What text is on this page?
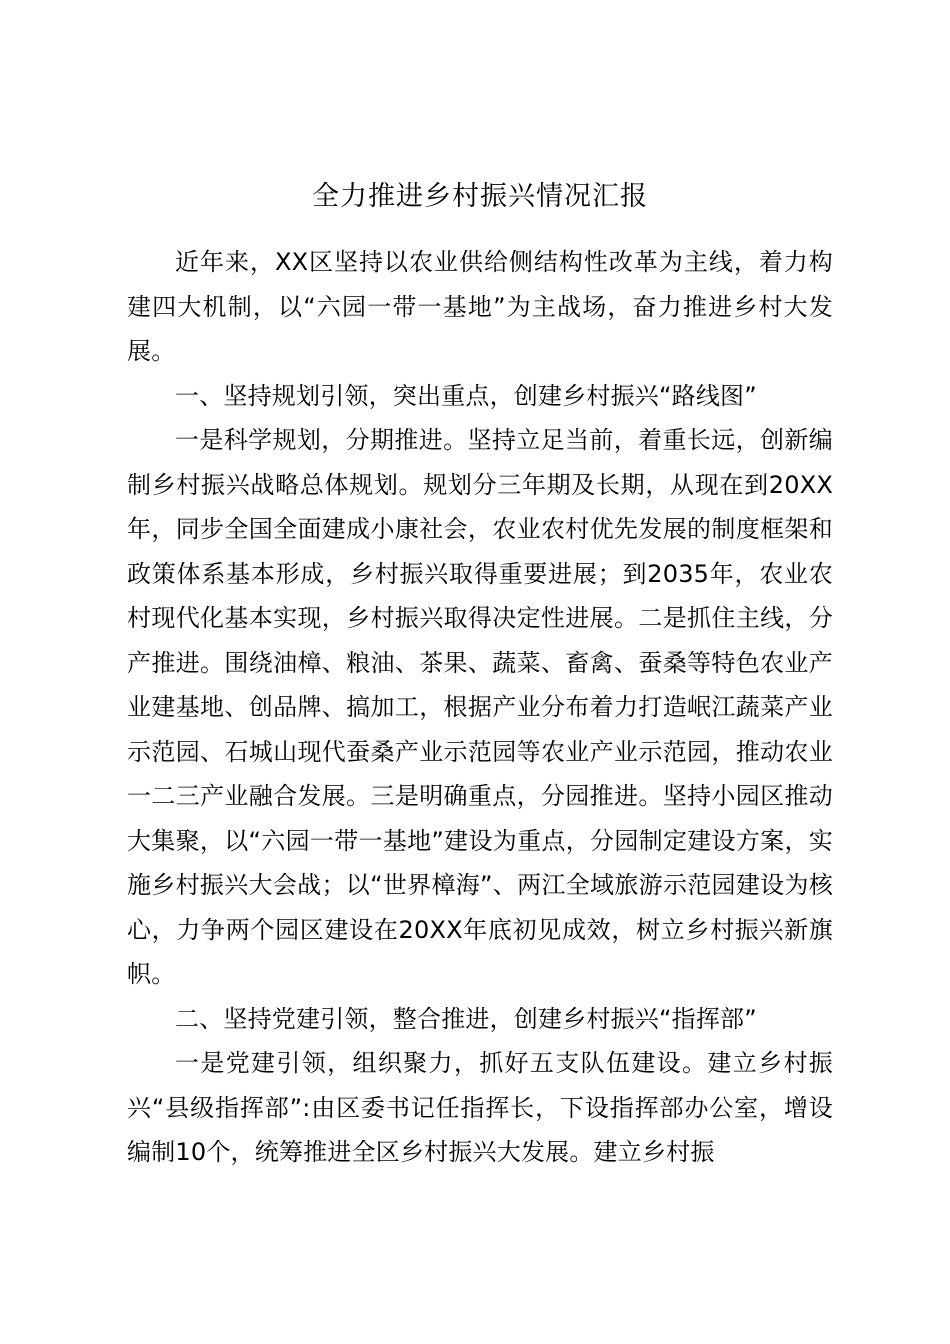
全力推进乡村振兴情况汇报

近年来，XX区坚持以农业供给侧结构性改革为主线，着力构建四大机制，以“六园一带一基地”为主战场，奋力推进乡村大发展。

一、坚持规划引领，突出重点，创建乡村振兴“路线图”

一是科学规划，分期推进。坚持立足当前，着重长远，创新编制乡村振兴战略总体规划。规划分三年期及长期，从现在到20XX年，同步全国全面建成小康社会，农业农村优先发展的制度框架和政策体系基本形成，乡村振兴取得重要进展；到2035年，农业农村现代化基本实现，乡村振兴取得决定性进展。二是抓住主线，分产推进。围绕油樟、粮油、茶果、蔬菜、畜禽、蚕桑等特色农业产业建基地、创品牌、搞加工，根据产业分布着力打造岷江蔬菜产业示范园、石城山现代蚕桑产业示范园等农业产业示范园，推动农业一二三产业融合发展。三是明确重点，分园推进。坚持小园区推动大集聚，以“六园一带一基地”建设为重点，分园制定建设方案，实施乡村振兴大会战；以“世界樟海”、两江全域旅游示范园建设为核心，力争两个园区建设在20XX年底初见成效，树立乡村振兴新旗帜。

二、坚持党建引领，整合推进，创建乡村振兴“指挥部”

一是党建引领，组织聚力，抓好五支队伍建设。建立乡村振兴“县级指挥部”:由区委书记任指挥长，下设指挥部办公室，增设编制10个，统筹推进全区乡村振兴大发展。建立乡村振
